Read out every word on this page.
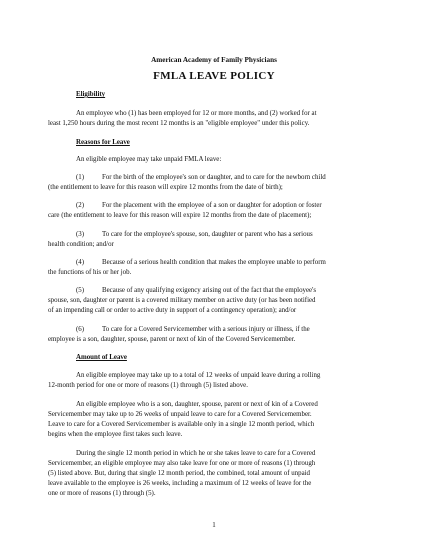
American Academy of Family Physicians
FMLA LEAVE POLICY
Eligibility
An employee who (1) has been employed for 12 or more months, and (2) worked for at
least 1,250 hours during the most recent 12 months is an "eligible employee" under this policy.
Reasons for Leave
An eligible employee may take unpaid FMLA leave:
(1)	For the birth of the employee's son or daughter, and to care for the newborn child
(the entitlement to leave for this reason will expire 12 months from the date of birth);
(2)	For the placement with the employee of a son or daughter for adoption or foster
care (the entitlement to leave for this reason will expire 12 months from the date of placement);
(3)	To care for the employee's spouse, son, daughter or parent who has a serious
health condition; and/or
(4)	Because of a serious health condition that makes the employee unable to perform
the functions of his or her job.
(5)	Because of any qualifying exigency arising out of the fact that the employee's
spouse, son, daughter or parent is a covered military member on active duty (or has been notified
of an impending call or order to active duty in support of a contingency operation); and/or
(6)	To care for a Covered Servicemember with a serious injury or illness, if the
employee is a son, daughter, spouse, parent or next of kin of the Covered Servicemember.
Amount of Leave
An eligible employee may take up to a total of 12 weeks of unpaid leave during a rolling
12-month period for one or more of reasons (1) through (5) listed above.
An eligible employee who is a son, daughter, spouse, parent or next of kin of a Covered
Servicemember may take up to 26 weeks of unpaid leave to care for a Covered Servicemember.
Leave to care for a Covered Servicemember is available only in a single 12 month period, which
begins when the employee first takes such leave.
During the single 12 month period in which he or she takes leave to care for a Covered
Servicemember, an eligible employee may also take leave for one or more of reasons (1) through
(5) listed above. But, during that single 12 month period, the combined, total amount of unpaid
leave available to the employee is 26 weeks, including a maximum of 12 weeks of leave for the
one or more of reasons (1) through (5).
1
